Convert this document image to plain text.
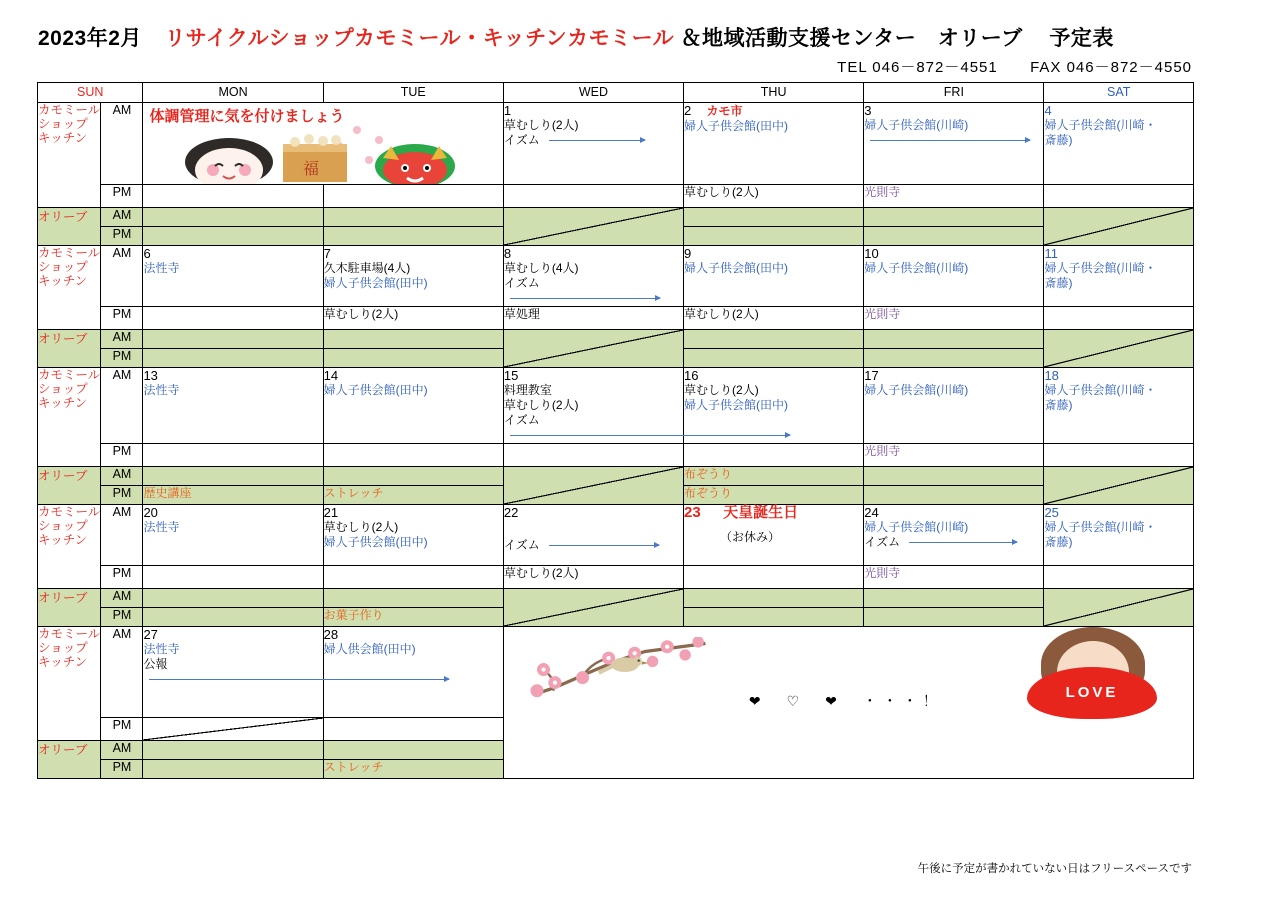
2023年2月 リサイクルショップカモミール・キッチンカモミール ＆地域活動支援センター　オリーブ 予定表
TEL 046－872－4551 FAX 046－872－4550
SUN		MON	TUE	WED	THU	FRI	SAT

カモミール
ショップ
キッチン
	AM	体調管理に気を付けましょう
福

1
草むしり(2人)
イズム

2 カモ市
婦人子供会館(田中)

3
婦人子供会館(川崎)

4
婦人子供会館(川崎・
斎藤)

	PM				草むしり(2人)	光則寺	

オリーブ	AM						
	PM						

カモミール
ショップ
キッチン
	AM	6
法性寺

7
久木駐車場(4人)
婦人子供会館(田中)

8
草むしり(4人)
イズム

9
婦人子供会館(田中)

10
婦人子供会館(川崎)

11
婦人子供会館(川崎・
斎藤)

	PM		草むしり(2人)	草処理	草むしり(2人)	光則寺	

オリーブ	AM						
	PM						

カモミール
ショップ
キッチン
	AM	13
法性寺

14
婦人子供会館(田中)

15
料理教室
草むしり(2人)
イズム

16
草むしり(2人)
婦人子供会館(田中)

17
婦人子供会館(川崎)

18
婦人子供会館(川崎・
斎藤)

	PM					光則寺	

オリーブ	AM				布ぞうり		

	PM	歴史講座	ストレッチ		布ぞうり		

カモミール
ショップ
キッチン
	AM	20
法性寺

21
草むしり(2人)
婦人子供会館(田中)

22
イズム

23 天皇誕生日
（お休み）

24
婦人子供会館(川崎)
イズム

25
婦人子供会館(川崎・
斎藤)

	PM			草むしり(2人)		光則寺	

オリーブ	AM						
	PM		お菓子作り				

カモミール
ショップ
キッチン
	AM	27
法性寺
公報

28
婦人供会館(田中)

❤　♡　❤　・・・！	LOVE

	PM						
オリーブ	AM						
	PM		ストレッチ				
午後に予定が書かれていない日はフリースペースです
